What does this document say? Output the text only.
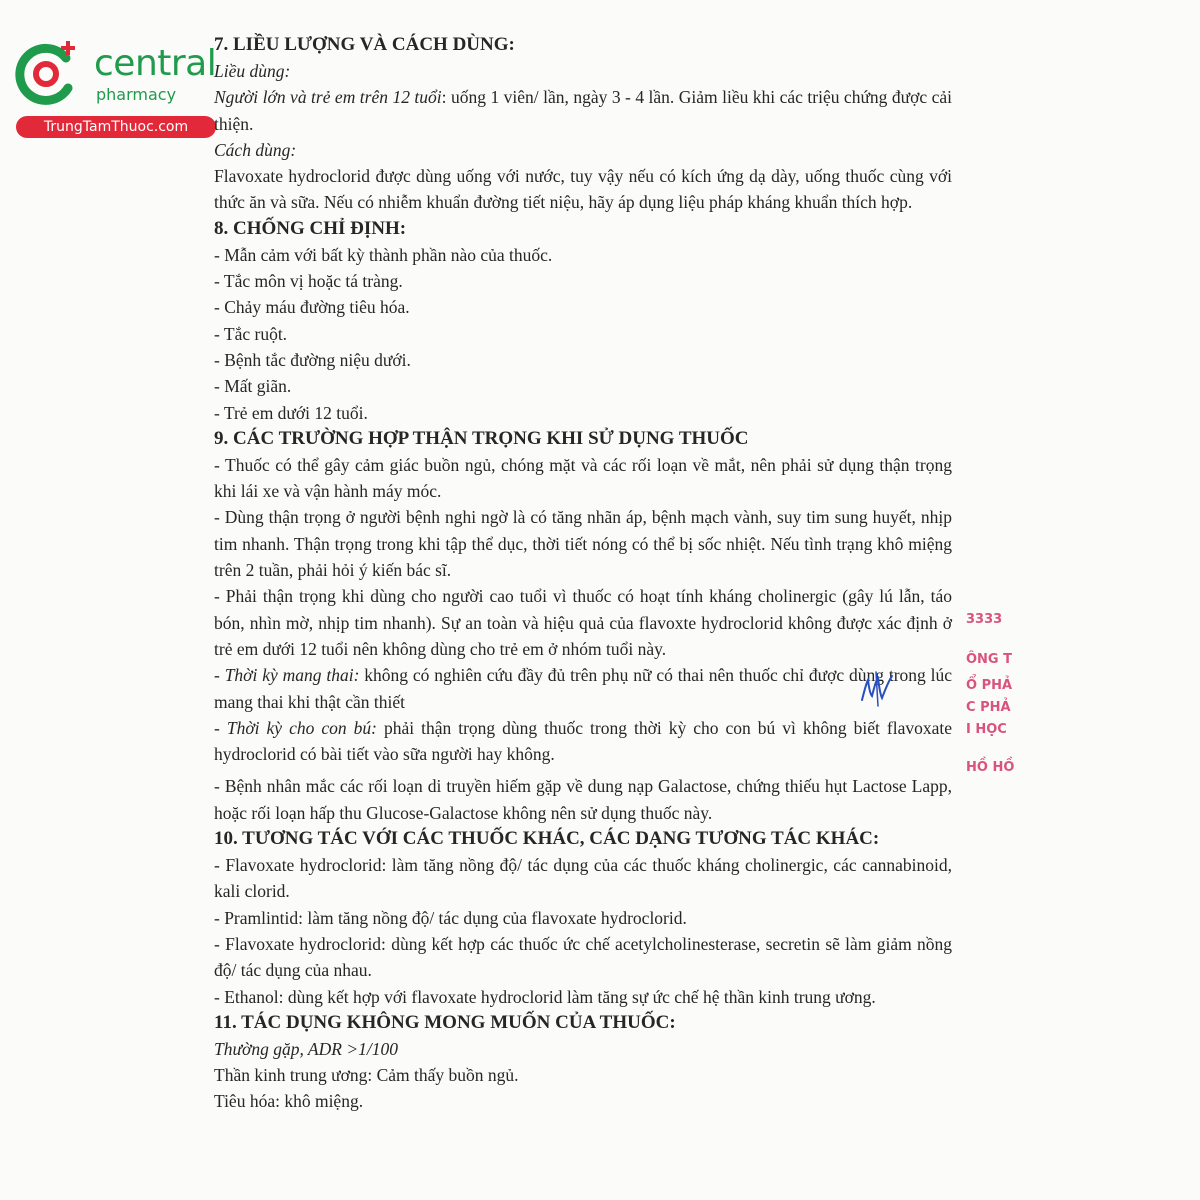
central
pharmacy
TrungTamThuoc.com

7. LIỀU LƯỢNG VÀ CÁCH DÙNG:

Liều dùng:

Người lớn và trẻ em trên 12 tuổi: uống 1 viên/ lần, ngày 3 - 4 lần. Giảm liều khi các triệu chứng được cải thiện.

Cách dùng:

Flavoxate hydroclorid được dùng uống với nước, tuy vậy nếu có kích ứng dạ dày, uống thuốc cùng với thức ăn và sữa. Nếu có nhiễm khuẩn đường tiết niệu, hãy áp dụng liệu pháp kháng khuẩn thích hợp.

8. CHỐNG CHỈ ĐỊNH:

- Mẫn cảm với bất kỳ thành phần nào của thuốc.

- Tắc môn vị hoặc tá tràng.

- Chảy máu đường tiêu hóa.

- Tắc ruột.

- Bệnh tắc đường niệu dưới.

- Mất giãn.

- Trẻ em dưới 12 tuổi.

9. CÁC TRƯỜNG HỢP THẬN TRỌNG KHI SỬ DỤNG THUỐC

- Thuốc có thể gây cảm giác buồn ngủ, chóng mặt và các rối loạn về mắt, nên phải sử dụng thận trọng khi lái xe và vận hành máy móc.

- Dùng thận trọng ở người bệnh nghi ngờ là có tăng nhãn áp, bệnh mạch vành, suy tim sung huyết, nhịp tim nhanh. Thận trọng trong khi tập thể dục, thời tiết nóng có thể bị sốc nhiệt. Nếu tình trạng khô miệng trên 2 tuần, phải hỏi ý kiến bác sĩ.

- Phải thận trọng khi dùng cho người cao tuổi vì thuốc có hoạt tính kháng cholinergic (gây lú lẫn, táo bón, nhìn mờ, nhịp tim nhanh). Sự an toàn và hiệu quả của flavoxte hydroclorid không được xác định ở trẻ em dưới 12 tuổi nên không dùng cho trẻ em ở nhóm tuổi này.

- Thời kỳ mang thai: không có nghiên cứu đầy đủ trên phụ nữ có thai nên thuốc chỉ được dùng trong lúc mang thai khi thật cần thiết

- Thời kỳ cho con bú: phải thận trọng dùng thuốc trong thời kỳ cho con bú vì không biết flavoxate hydroclorid có bài tiết vào sữa người hay không.

- Bệnh nhân mắc các rối loạn di truyền hiếm gặp về dung nạp Galactose, chứng thiếu hụt Lactose Lapp, hoặc rối loạn hấp thu Glucose-Galactose không nên sử dụng thuốc này.

10. TƯƠNG TÁC VỚI CÁC THUỐC KHÁC, CÁC DẠNG TƯƠNG TÁC KHÁC:

- Flavoxate hydroclorid: làm tăng nồng độ/ tác dụng của các thuốc kháng cholinergic, các cannabinoid, kali clorid.

- Pramlintid: làm tăng nồng độ/ tác dụng của flavoxate hydroclorid.

- Flavoxate hydroclorid: dùng kết hợp các thuốc ức chế acetylcholinesterase, secretin sẽ làm giảm nồng độ/ tác dụng của nhau.

- Ethanol: dùng kết hợp với flavoxate hydroclorid làm tăng sự ức chế hệ thần kinh trung ương.

11. TÁC DỤNG KHÔNG MONG MUỐN CỦA THUỐC:

Thường gặp, ADR >1/100

Thần kinh trung ương: Cảm thấy buồn ngủ.

Tiêu hóa: khô miệng.

3333
ÔNG T
Ổ PHẢ
C PHẢ
I HỌC
HỒ HỒ
